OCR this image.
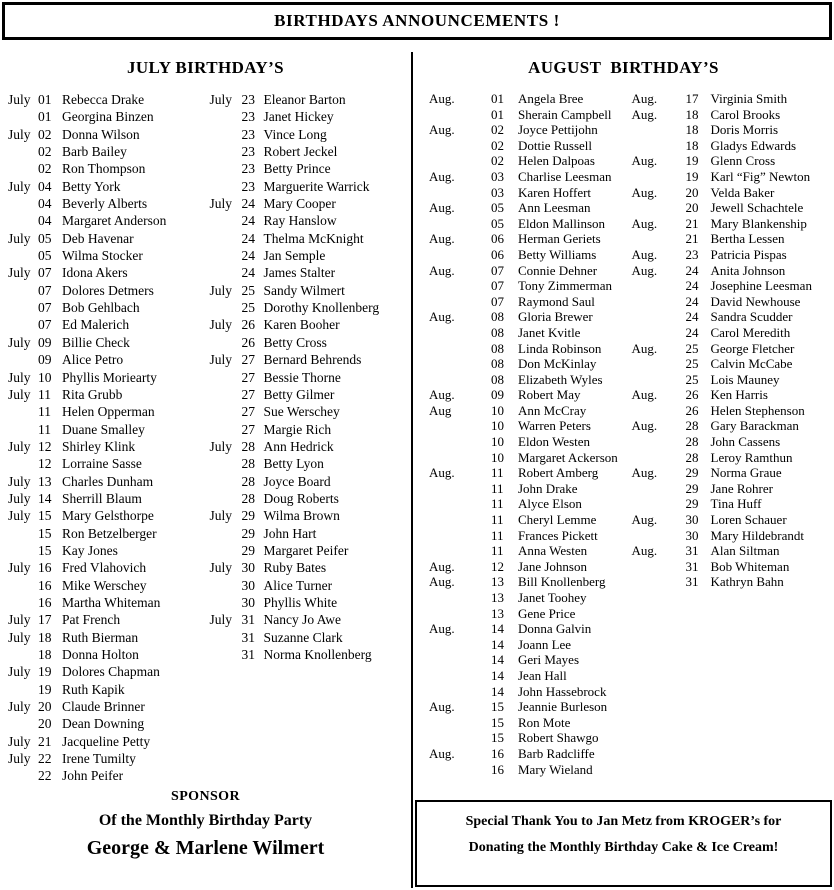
BIRTHDAYS ANNOUNCEMENTS !
JULY BIRTHDAY’S
July 01 Rebecca Drake
01 Georgina Binzen
July 02 Donna Wilson
02 Barb Bailey
02 Ron Thompson
July 04 Betty York
04 Beverly Alberts
04 Margaret Anderson
July 05 Deb Havenar
05 Wilma Stocker
July 07 Idona Akers
07 Dolores Detmers
07 Bob Gehlbach
07 Ed Malerich
July 09 Billie Check
09 Alice Petro
July 10 Phyllis Moriearty
July 11 Rita Grubb
11 Helen Opperman
11 Duane Smalley
July 12 Shirley Klink
12 Lorraine Sasse
July 13 Charles Dunham
July 14 Sherrill Blaum
July 15 Mary Gelsthorpe
15 Ron Betzelberger
15 Kay Jones
July 16 Fred Vlahovich
16 Mike Werschey
16 Martha Whiteman
July 17 Pat French
July 18 Ruth Bierman
18 Donna Holton
July 19 Dolores Chapman
19 Ruth Kapik
July 20 Claude Brinner
20 Dean Downing
July 21 Jacqueline Petty
July 22 Irene Tumilty
22 John Peifer
July 23 Eleanor Barton
23 Janet Hickey
23 Vince Long
23 Robert Jeckel
23 Betty Prince
23 Marguerite Warrick
July 24 Mary Cooper
24 Ray Hanslow
24 Thelma McKnight
24 Jan Semple
24 James Stalter
July 25 Sandy Wilmert
25 Dorothy Knollenberg
July 26 Karen Booher
26 Betty Cross
July 27 Bernard Behrends
27 Bessie Thorne
27 Betty Gilmer
27 Sue Werschey
27 Margie Rich
July 28 Ann Hedrick
28 Betty Lyon
28 Joyce Board
28 Doug Roberts
July 29 Wilma Brown
29 John Hart
29 Margaret Peifer
July 30 Ruby Bates
30 Alice Turner
30 Phyllis White
July 31 Nancy Jo Awe
31 Suzanne Clark
31 Norma Knollenberg
AUGUST  BIRTHDAY’S
Aug.	01	Angela Bree
01	Sherain Campbell
Aug.	02	Joyce Pettijohn
02	Dottie Russell
02	Helen Dalpoas
Aug.	03	Charlise Leesman
03	Karen Hoffert
Aug.	05	Ann Leesman
05	Eldon Mallinson
Aug.	06	Herman Geriets
06	Betty Williams
Aug.	07	Connie Dehner
07	Tony Zimmerman
07	Raymond Saul
Aug.	08	Gloria Brewer
08	Janet Kvitle
08	Linda Robinson
08	Don McKinlay
08	Elizabeth Wyles
Aug.	09	Robert May
Aug	10	Ann McCray
10	Warren Peters
10	Eldon Westen
10	Margaret Ackerson
Aug.	11	Robert Amberg
11	John Drake
11	Alyce Elson
11	Cheryl Lemme
11	Frances Pickett
11	Anna Westen
Aug.	12	Jane Johnson
Aug.	13	Bill Knollenberg
13	Janet Toohey
13	Gene Price
Aug.	14	Donna Galvin
14	Joann Lee
14	Geri Mayes
14	Jean Hall
14	John Hassebrock
Aug.	15	Jeannie Burleson
15	Ron Mote
15	Robert Shawgo
Aug.	16	Barb Radcliffe
16	Mary Wieland
Aug.	17 Virginia Smith
Aug.	18 Carol Brooks
18 Doris Morris
18 Gladys Edwards
Aug.	19 Glenn Cross
19 Karl “Fig” Newton
Aug.	20 Velda Baker
20 Jewell Schachtele
Aug.	21 Mary Blankenship
21 Bertha Lessen
Aug.	23 Patricia Pispas
Aug.	24 Anita Johnson
24 Josephine Leesman
24 David Newhouse
24 Sandra Scudder
24 Carol Meredith
Aug.	25 George Fletcher
25 Calvin McCabe
25 Lois Mauney
Aug.	26 Ken Harris
26 Helen Stephenson
Aug.	28 Gary Barackman
28 John Cassens
28 Leroy Ramthun
Aug.	29 Norma Graue
29 Jane Rohrer
29 Tina Huff
Aug.	30 Loren Schauer
30 Mary Hildebrandt
Aug.	31 Alan Siltman
31 Bob Whiteman
31 Kathryn Bahn
SPONSOR
Of the Monthly Birthday Party
George & Marlene Wilmert
Special Thank You to Jan Metz from KROGER’s for
Donating the Monthly Birthday Cake & Ice Cream!
